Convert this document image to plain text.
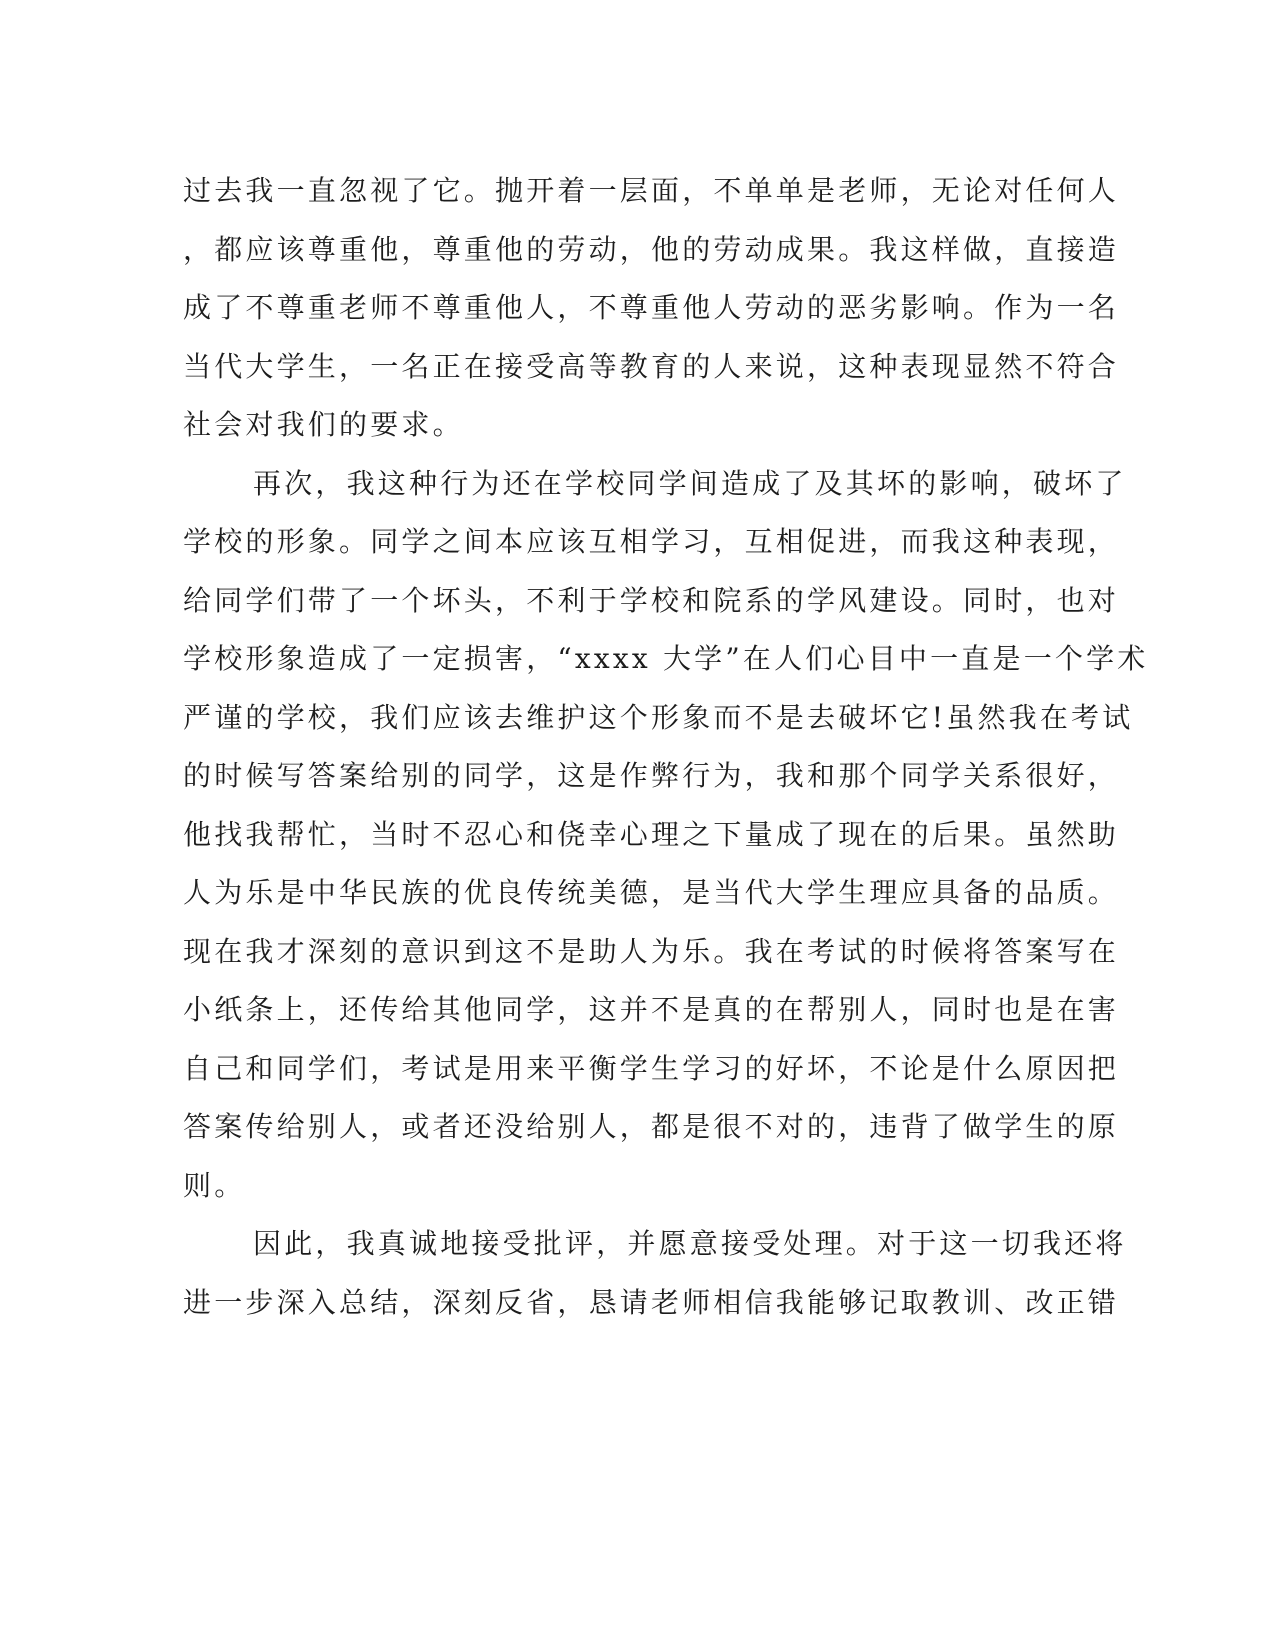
过去我一直忽视了它。抛开着一层面，不单单是老师，无论对任何人
，都应该尊重他，尊重他的劳动，他的劳动成果。我这样做，直接造
成了不尊重老师不尊重他人，不尊重他人劳动的恶劣影响。作为一名
当代大学生，一名正在接受高等教育的人来说，这种表现显然不符合
社会对我们的要求。
再次，我这种行为还在学校同学间造成了及其坏的影响，破坏了
学校的形象。同学之间本应该互相学习，互相促进，而我这种表现，
给同学们带了一个坏头，不利于学校和院系的学风建设。同时，也对
学校形象造成了一定损害，“xxxx 大学”在人们心目中一直是一个学术
严谨的学校，我们应该去维护这个形象而不是去破坏它!虽然我在考试
的时候写答案给别的同学，这是作弊行为，我和那个同学关系很好，
他找我帮忙，当时不忍心和侥幸心理之下量成了现在的后果。虽然助
人为乐是中华民族的优良传统美德，是当代大学生理应具备的品质。
现在我才深刻的意识到这不是助人为乐。我在考试的时候将答案写在
小纸条上，还传给其他同学，这并不是真的在帮别人，同时也是在害
自己和同学们，考试是用来平衡学生学习的好坏，不论是什么原因把
答案传给别人，或者还没给别人，都是很不对的，违背了做学生的原
则。
因此，我真诚地接受批评，并愿意接受处理。对于这一切我还将
进一步深入总结，深刻反省，恳请老师相信我能够记取教训、改正错
